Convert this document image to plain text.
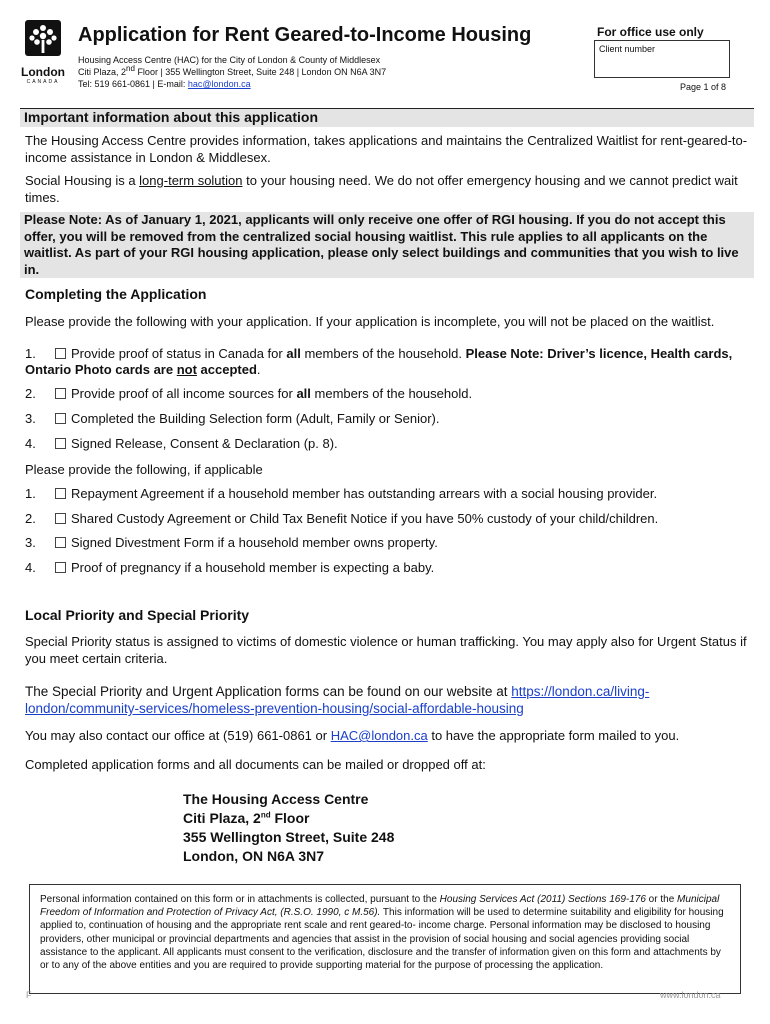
London
CANADA
Application for Rent Geared-to-Income Housing
Housing Access Centre (HAC) for the City of London & County of Middlesex
Citi Plaza, 2nd Floor | 355 Wellington Street, Suite 248 | London ON N6A 3N7
Tel: 519 661-0861 | E-mail: hac@london.ca
For office use only
Client number
Page 1 of 8
Important information about this application
The Housing Access Centre provides information, takes applications and maintains the Centralized Waitlist for rent-geared-to-income assistance in London & Middlesex.
Social Housing is a long-term solution to your housing need. We do not offer emergency housing and we cannot predict wait times.
Please Note: As of January 1, 2021, applicants will only receive one offer of RGI housing. If you do not accept this offer, you will be removed from the centralized social housing waitlist. This rule applies to all applicants on the waitlist. As part of your RGI housing application, please only select buildings and communities that you wish to live in.
Completing the Application
Please provide the following with your application. If your application is incomplete, you will not be placed on the waitlist.
1.	Provide proof of status in Canada for all members of the household. Please Note: Driver’s licence, Health cards, Ontario Photo cards are not accepted.
2.	Provide proof of all income sources for all members of the household.
3.	Completed the Building Selection form (Adult, Family or Senior).
4.	Signed Release, Consent & Declaration (p. 8).
Please provide the following, if applicable
1.	Repayment Agreement if a household member has outstanding arrears with a social housing provider.
2.	Shared Custody Agreement or Child Tax Benefit Notice if you have 50% custody of your child/children.
3.	Signed Divestment Form if a household member owns property.
4.	Proof of pregnancy if a household member is expecting a baby.
Local Priority and Special Priority
Special Priority status is assigned to victims of domestic violence or human trafficking. You may apply also for Urgent Status if you meet certain criteria.
The Special Priority and Urgent Application forms can be found on our website at https://london.ca/living-london/community-services/homeless-prevention-housing/social-affordable-housing
You may also contact our office at (519) 661-0861 or HAC@london.ca to have the appropriate form mailed to you.
Completed application forms and all documents can be mailed or dropped off at:
The Housing Access Centre
Citi Plaza, 2nd Floor
355 Wellington Street, Suite 248
London, ON N6A 3N7
Personal information contained on this form or in attachments is collected, pursuant to the Housing Services Act (2011) Sections 169-176 or the Municipal Freedom of Information and Protection of Privacy Act, (R.S.O. 1990, c M.56). This information will be used to determine suitability and eligibility for housing applied to, continuation of housing and the appropriate rent scale and rent geared-to- income charge. Personal information may be disclosed to housing providers, other municipal or provincial departments and agencies that assist in the provision of social housing and social agencies providing social assistance to the applicant. All applicants must consent to the verification, disclosure and the transfer of information given on this form and attachments by or to any of the above entities and you are required to provide supporting material for the purpose of processing the application.
F	www.london.ca
